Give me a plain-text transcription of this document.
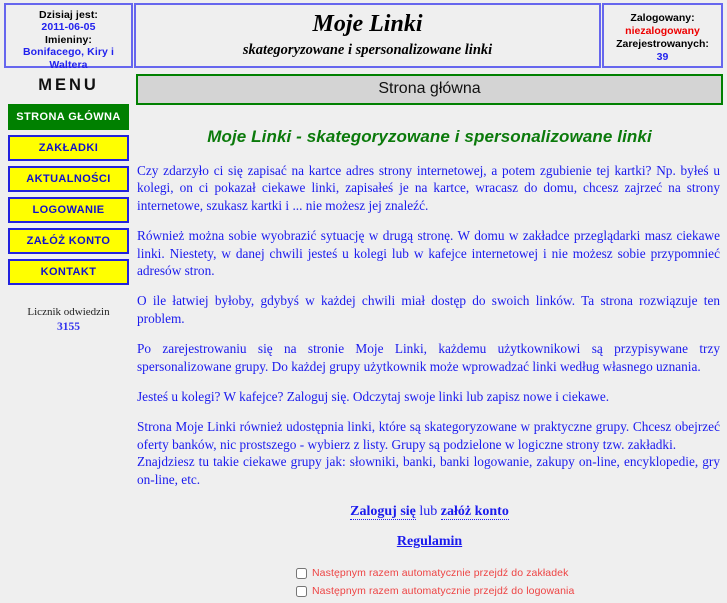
Dzisiaj jest:
2011-06-05
Imieniny:
Bonifacego, Kiry i
Waltera
Moje Linki
skategoryzowane i spersonalizowane linki
Zalogowany:
niezalogowany
Zarejestrowanych:
39
MENU
STRONA GŁÓWNA
ZAKŁADKI
AKTUALNOŚCI
LOGOWANIE
ZAŁÓŻ KONTO
KONTAKT
Licznik odwiedzin
3155
Strona główna
Moje Linki - skategoryzowane i spersonalizowane linki

Czy zdarzyło ci się zapisać na kartce adres strony internetowej, a potem zgubienie tej kartki? Np. byłeś u kolegi, on ci pokazał ciekawe linki, zapisałeś je na kartce, wracasz do domu, chcesz zajrzeć na strony internetowe, szukasz kartki i ... nie możesz jej znaleźć.

Również można sobie wyobrazić sytuację w drugą stronę. W domu w zakładce przeglądarki masz ciekawe linki. Niestety, w danej chwili jesteś u kolegi lub w kafejce internetowej i nie możesz sobie przypomnieć adresów stron.

O ile łatwiej byłoby, gdybyś w każdej chwili miał dostęp do swoich linków. Ta strona rozwiązuje ten problem.

Po zarejestrowaniu się na stronie Moje Linki, każdemu użytkownikowi są przypisywane trzy spersonalizowane grupy. Do każdej grupy użytkownik może wprowadzać linki według własnego uznania.

Jesteś u kolegi? W kafejce? Zaloguj się. Odczytaj swoje linki lub zapisz nowe i ciekawe.

Strona Moje Linki również udostępnia linki, które są skategoryzowane w praktyczne grupy. Chcesz obejrzeć oferty banków, nic prostszego - wybierz z listy. Grupy są podzielone w logiczne strony tzw. zakładki.

Znajdziesz tu takie ciekawe grupy jak: słowniki, banki, banki logowanie, zakupy on-line, encyklopedie, gry on-line, etc.

Zaloguj się lub załóż konto
Regulamin
Następnym razem automatycznie przejdź do zakładek
Następnym razem automatycznie przejdź do logowania
